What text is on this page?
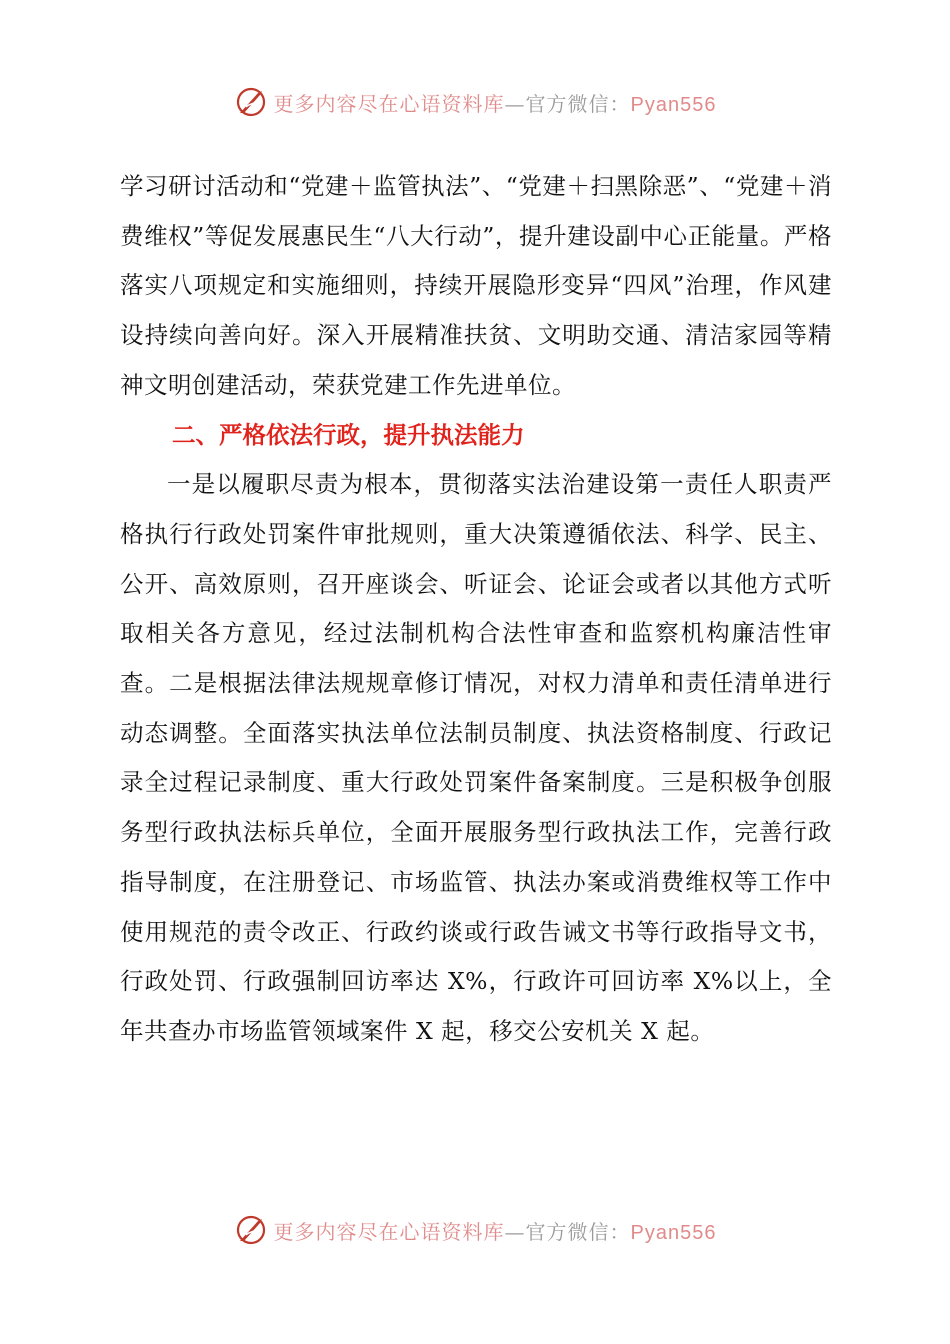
更多内容尽在心语资料库—官方微信：Pyan556

学习研讨活动和“党建＋监管执法”、“党建＋扫黑除恶”、“党建＋消费维权”等促发展惠民生“八大行动”，提升建设副中心正能量。严格落实八项规定和实施细则，持续开展隐形变异“四风”治理，作风建设持续向善向好。深入开展精准扶贫、文明助交通、清洁家园等精神文明创建活动，荣获党建工作先进单位。

二、严格依法行政，提升执法能力

一是以履职尽责为根本，贯彻落实法治建设第一责任人职责严格执行行政处罚案件审批规则，重大决策遵循依法、科学、民主、公开、高效原则，召开座谈会、听证会、论证会或者以其他方式听取相关各方意见，经过法制机构合法性审查和监察机构廉洁性审查。二是根据法律法规规章修订情况，对权力清单和责任清单进行动态调整。全面落实执法单位法制员制度、执法资格制度、行政记录全过程记录制度、重大行政处罚案件备案制度。三是积极争创服务型行政执法标兵单位，全面开展服务型行政执法工作，完善行政指导制度，在注册登记、市场监管、执法办案或消费维权等工作中使用规范的责令改正、行政约谈或行政告诫文书等行政指导文书，行政处罚、行政强制回访率达 X%，行政许可回访率 X%以上，全年共查办市场监管领域案件 X 起，移交公安机关 X 起。

更多内容尽在心语资料库—官方微信：Pyan556
